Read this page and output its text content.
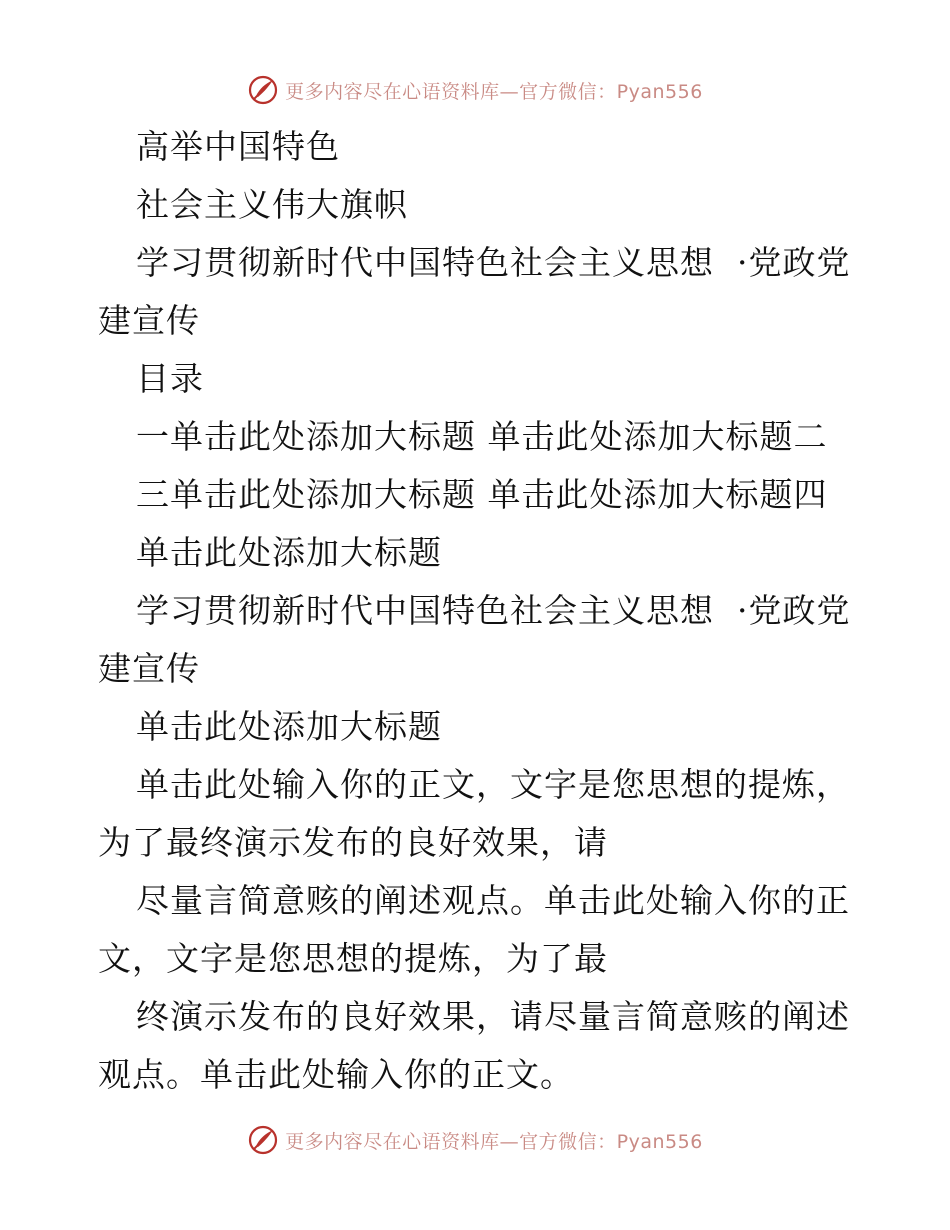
更多内容尽在心语资料库—官方微信：Pyan556

高举中国特色

社会主义伟大旗帜

学习贯彻新时代中国特色社会主义思想  ·党政党建宣传

目录

一单击此处添加大标题 单击此处添加大标题二

三单击此处添加大标题 单击此处添加大标题四

单击此处添加大标题

学习贯彻新时代中国特色社会主义思想  ·党政党建宣传

单击此处添加大标题

单击此处输入你的正文，文字是您思想的提炼，为了最终演示发布的良好效果，请

尽量言简意赅的阐述观点。单击此处输入你的正文，文字是您思想的提炼，为了最

终演示发布的良好效果，请尽量言简意赅的阐述观点。单击此处输入你的正文。

更多内容尽在心语资料库—官方微信：Pyan556
